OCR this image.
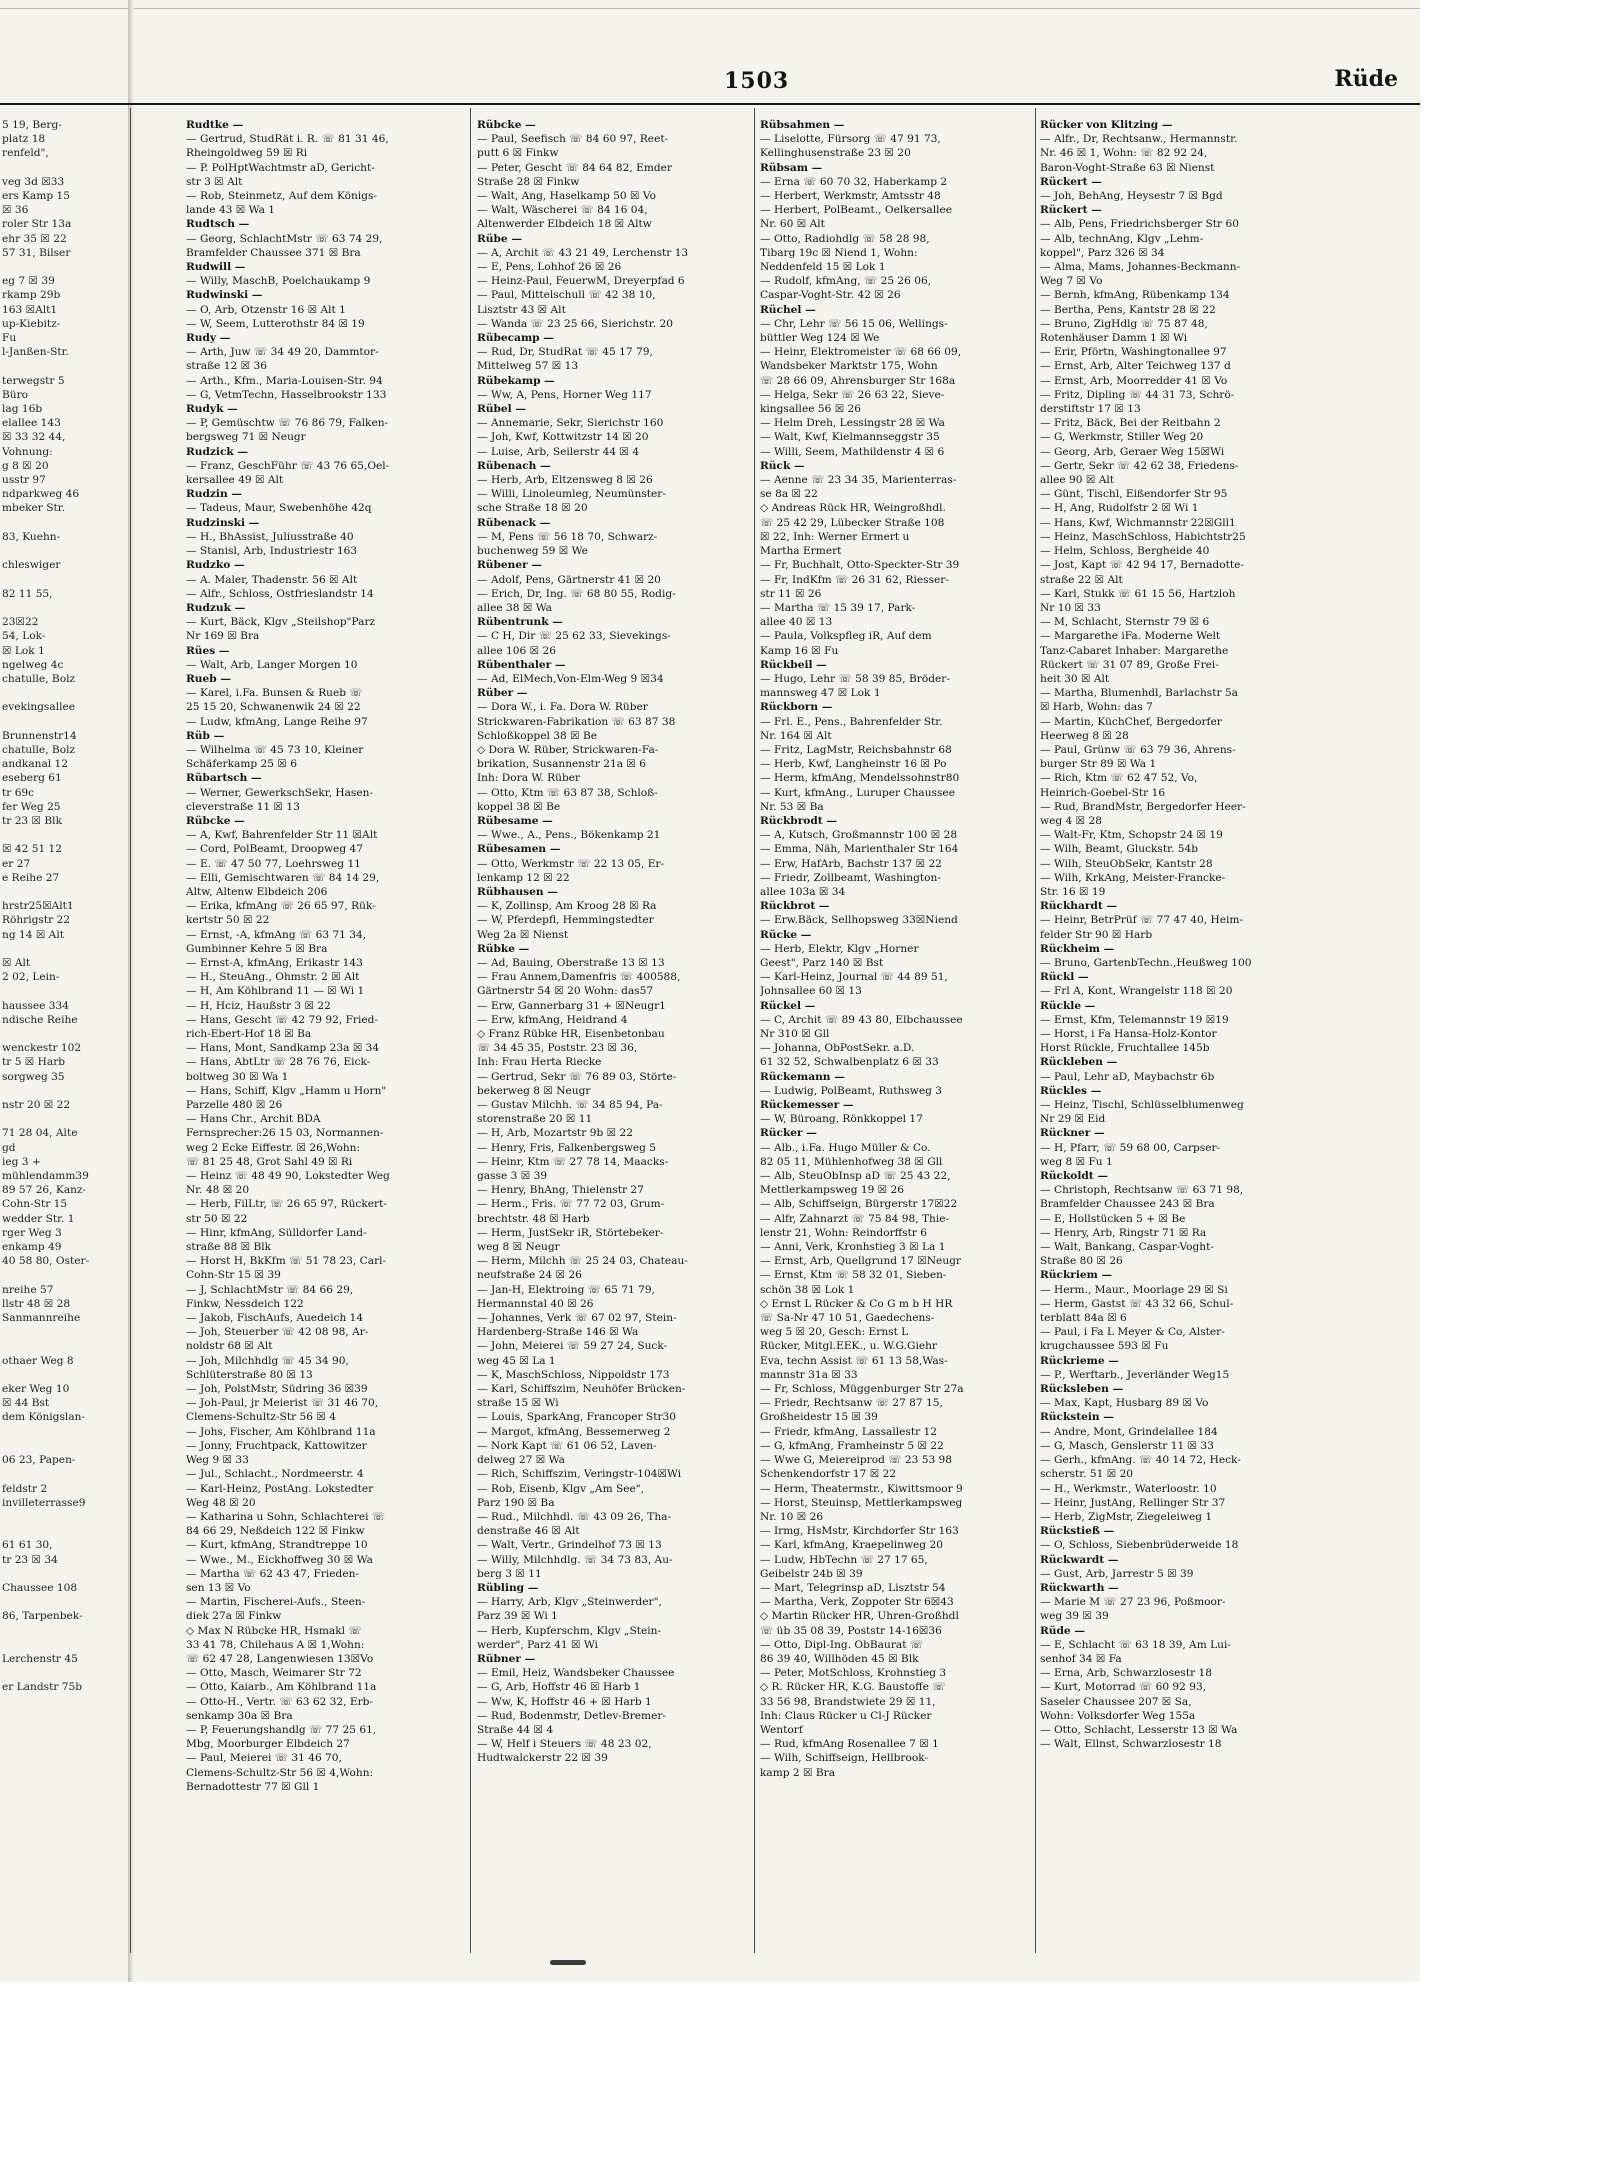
1503	Rüde
5 19, Berg-
platz 18
renfeld",

veg 3d ☒33
ers Kamp 15
☒ 36
roler Str 13a
ehr 35 ☒ 22
57 31, Bilser

eg 7 ☒ 39
rkamp 29b
163 ☒Alt1
up-Kiebitz-
Fu
l-Janßen-Str.

terwegstr 5
Büro
lag 16b
elallee 143
☒ 33 32 44,
Vohnung:
g 8 ☒ 20
usstr 97
ndparkweg 46
mbeker Str.

83, Kuehn-

chleswiger

82 11 55,

23☒22
54, Lok-
☒ Lok 1
ngelweg 4c
chatulle, Bolz

evekingsallee

Brunnenstr14
chatulle, Bolz
andkanal 12
eseberg 61
tr 69c
fer Weg 25
tr 23 ☒ Blk

☒ 42 51 12
er 27
e Reihe 27

hrstr25☒Alt1
Röhrigstr 22
ng 14 ☒ Alt

☒ Alt
2 02, Lein-

haussee 334
ndische Reihe

wenckestr 102
tr 5 ☒ Harb
sorgweg 35

nstr 20 ☒ 22

71 28 04, Alte
gd
ieg 3 +
mühlendamm39
89 57 26, Kanz-
Cohn-Str 15
wedder Str. 1
rger Weg 3
enkamp 49
40 58 80, Oster-

nreihe 57
llstr 48 ☒ 28
Sanmannreihe

othaer Weg 8

eker Weg 10
☒ 44 Bst
dem Königslan-

06 23, Papen-

feldstr 2
invilleterrasse9

61 61 30,
tr 23 ☒ 34

Chaussee 108

86, Tarpenbek-

Lerchenstr 45

er Landstr 75b
Rudtke —
— Gertrud, StudRät i. R. ☏ 81 31 46,
Rheingoldweg 59 ☒ Ri
— P. PolHptWachtmstr aD, Gericht-
str 3 ☒ Alt
— Rob, Steinmetz, Auf dem Königs-
lande 43 ☒ Wa 1
Rudtsch —
— Georg, SchlachtMstr ☏ 63 74 29,
Bramfelder Chaussee 371 ☒ Bra
Rudwill —
— Willy, MaschB, Poelchaukamp 9
Rudwinski —
— O, Arb, Otzenstr 16 ☒ Alt 1
— W, Seem, Lutterothstr 84 ☒ 19
Rudy —
— Arth, Juw ☏ 34 49 20, Dammtor-
straße 12 ☒ 36
— Arth., Kfm., Maria-Louisen-Str. 94
— G, VetmTechn, Hasselbrookstr 133
Rudyk —
— P, Gemüschtw ☏ 76 86 79, Falken-
bergsweg 71 ☒ Neugr
Rudzick —
— Franz, GeschFühr ☏ 43 76 65,Oel-
kersallee 49 ☒ Alt
Rudzin —
— Tadeus, Maur, Swebenhöhe 42q
Rudzinski —
— H., BhAssist, Juliusstraße 40
— Stanisl, Arb, Industriestr 163
Rudzko —
— A. Maler, Thadenstr. 56 ☒ Alt
— Alfr., Schloss, Ostfrieslandstr 14
Rudzuk —
— Kurt, Bäck, Klgv „Steilshop"Parz
Nr 169 ☒ Bra
Rües —
— Walt, Arb, Langer Morgen 10
Rueb —
— Karel, i.Fa. Bunsen & Rueb ☏
25 15 20, Schwanenwik 24 ☒ 22
— Ludw, kfmAng, Lange Reihe 97
Rüb —
— Wilhelma ☏ 45 73 10, Kleiner
Schäferkamp 25 ☒ 6
Rübartsch —
— Werner, GewerkschSekr, Hasen-
cleverstraße 11 ☒ 13
Rübcke —
— A, Kwf, Bahrenfelder Str 11 ☒Alt
— Cord, PolBeamt, Droopweg 47
— E. ☏ 47 50 77, Loehrsweg 11
— Elli, Gemischtwaren ☏ 84 14 29,
Altw, Altenw Elbdeich 206
— Erika, kfmAng ☏ 26 65 97, Rük-
kertstr 50 ☒ 22
— Ernst, -A, kfmAng ☏ 63 71 34,
Gumbinner Kehre 5 ☒ Bra
— Ernst-A, kfmAng, Erikastr 143
— H., SteuAng., Ohmstr. 2 ☒ Alt
— H, Am Köhlbrand 11 — ☒ Wi 1
— H, Hciz, Haußstr 3 ☒ 22
— Hans, Gescht ☏ 42 79 92, Fried-
rich-Ebert-Hof 18 ☒ Ba
— Hans, Mont, Sandkamp 23a ☒ 34
— Hans, AbtLtr ☏ 28 76 76, Eick-
boltweg 30 ☒ Wa 1
— Hans, Schiff, Klgv „Hamm u Horn"
Parzelle 480 ☒ 26
— Hans Chr., Archit BDA
Fernsprecher:26 15 03, Normannen-
weg 2 Ecke Eiffestr. ☒ 26,Wohn:
☏ 81 25 48, Grot Sahl 49 ☒ Ri
— Heinz ☏ 48 49 90, Lokstedter Weg
Nr. 48 ☒ 20
— Herb, FilLtr, ☏ 26 65 97, Rückert-
str 50 ☒ 22
— Hinr, kfmAng, Sülldorfer Land-
straße 88 ☒ Blk
— Horst H, BkKfm ☏ 51 78 23, Carl-
Cohn-Str 15 ☒ 39
— J, SchlachtMstr ☏ 84 66 29,
Finkw, Nessdeich 122
— Jakob, FischAufs, Auedeich 14
— Joh, Steuerber ☏ 42 08 98, Ar-
noldstr 68 ☒ Alt
— Joh, Milchhdlg ☏ 45 34 90,
Schlüterstraße 80 ☒ 13
— Joh, PolstMstr, Südring 36 ☒39
— Joh-Paul, jr Meierist ☏ 31 46 70,
Clemens-Schultz-Str 56 ☒ 4
— Johs, Fischer, Am Köhlbrand 11a
— Jonny, Fruchtpack, Kattowitzer
Weg 9 ☒ 33
— Jul., Schlacht., Nordmeerstr. 4
— Karl-Heinz, PostAng. Lokstedter
Weg 48 ☒ 20
— Katharina u Sohn, Schlachterei ☏
84 66 29, Neßdeich 122 ☒ Finkw
— Kurt, kfmAng, Strandtreppe 10
— Wwe., M., Eickhoffweg 30 ☒ Wa
— Martha ☏ 62 43 47, Frieden-
sen 13 ☒ Vo
— Martin, Fischerei-Aufs., Steen-
diek 27a ☒ Finkw
◇ Max N Rübcke HR, Hsmakl ☏
33 41 78, Chilehaus A ☒ 1,Wohn:
☏ 62 47 28, Langenwiesen 13☒Vo
— Otto, Masch, Weimarer Str 72
— Otto, Kaiarb., Am Köhlbrand 11a
— Otto-H., Vertr. ☏ 63 62 32, Erb-
senkamp 30a ☒ Bra
— P, Feuerungshandlg ☏ 77 25 61,
Mbg, Moorburger Elbdeich 27
— Paul, Meierei ☏ 31 46 70,
Clemens-Schultz-Str 56 ☒ 4,Wohn:
Bernadottestr 77 ☒ Gll 1
Rübcke —
— Paul, Seefisch ☏ 84 60 97, Reet-
putt 6 ☒ Finkw
— Peter, Gescht ☏ 84 64 82, Emder
Straße 28 ☒ Finkw
— Walt, Ang, Haselkamp 50 ☒ Vo
— Walt, Wäscherei ☏ 84 16 04,
Altenwerder Elbdeich 18 ☒ Altw
Rübe —
— A, Archit ☏ 43 21 49, Lerchenstr 13
— E, Pens, Lohhof 26 ☒ 26
— Heinz-Paul, FeuerwM, Dreyerpfad 6
— Paul, Mittelschull ☏ 42 38 10,
Lisztstr 43 ☒ Alt
— Wanda ☏ 23 25 66, Sierichstr. 20
Rübecamp —
— Rud, Dr, StudRat ☏ 45 17 79,
Mittelweg 57 ☒ 13
Rübekamp —
— Ww, A, Pens, Horner Weg 117
Rübel —
— Annemarie, Sekr, Sierichstr 160
— Joh, Kwf, Kottwitzstr 14 ☒ 20
— Luise, Arb, Seilerstr 44 ☒ 4
Rübenach —
— Herb, Arb, Eltzensweg 8 ☒ 26
— Willi, Linoleumleg, Neumünster-
sche Straße 18 ☒ 20
Rübenack —
— M, Pens ☏ 56 18 70, Schwarz-
buchenweg 59 ☒ We
Rübener —
— Adolf, Pens, Gärtnerstr 41 ☒ 20
— Erich, Dr, Ing. ☏ 68 80 55, Rodig-
allee 38 ☒ Wa
Rübentrunk —
— C H, Dir ☏ 25 62 33, Sievekings-
allee 106 ☒ 26
Rübenthaler —
— Ad, ElMech,Von-Elm-Weg 9 ☒34
Rüber —
— Dora W., i. Fa. Dora W. Rüber
Strickwaren-Fabrikation ☏ 63 87 38
Schloßkoppel 38 ☒ Be
◇ Dora W. Rüber, Strickwaren-Fa-
brikation, Susannenstr 21a ☒ 6
Inh: Dora W. Rüber
— Otto, Ktm ☏ 63 87 38, Schloß-
koppel 38 ☒ Be
Rübesame —
— Wwe., A., Pens., Bökenkamp 21
Rübesamen —
— Otto, Werkmstr ☏ 22 13 05, Er-
lenkamp 12 ☒ 22
Rübhausen —
— K, Zollinsp, Am Kroog 28 ☒ Ra
— W, Pferdepfl, Hemmingstedter
Weg 2a ☒ Nienst
Rübke —
— Ad, Bauing, Oberstraße 13 ☒ 13
— Frau Annem,Damenfris ☏ 400588,
Gärtnerstr 54 ☒ 20 Wohn: das57
— Erw, Gannerbarg 31 + ☒Neugr1
— Erw, kfmAng, Heidrand 4
◇ Franz Rübke HR, Eisenbetonbau
☏ 34 45 35, Poststr. 23 ☒ 36,
Inh: Frau Herta Riecke
— Gertrud, Sekr ☏ 76 89 03, Störte-
bekerweg 8 ☒ Neugr
— Gustav Milchh. ☏ 34 85 94, Pa-
storenstraße 20 ☒ 11
— H, Arb, Mozartstr 9b ☒ 22
— Henry, Fris, Falkenbergsweg 5
— Heinr, Ktm ☏ 27 78 14, Maacks-
gasse 3 ☒ 39
— Henry, BhAng, Thielenstr 27
— Herm., Fris. ☏ 77 72 03, Grum-
brechtstr. 48 ☒ Harb
— Herm, JustSekr iR, Störtebeker-
weg 8 ☒ Neugr
— Herm, Milchh ☏ 25 24 03, Chateau-
neufstraße 24 ☒ 26
— Jan-H, Elektroing ☏ 65 71 79,
Hermannstal 40 ☒ 26
— Johannes, Verk ☏ 67 02 97, Stein-
Hardenberg-Straße 146 ☒ Wa
— John, Meierei ☏ 59 27 24, Suck-
weg 45 ☒ La 1
— K, MaschSchloss, Nippoldstr 173
— Karl, Schiffszim, Neuhöfer Brücken-
straße 15 ☒ Wi
— Louis, SparkAng, Francoper Str30
— Margot, kfmAng, Bessemerweg 2
— Nork Kapt ☏ 61 06 52, Laven-
delweg 27 ☒ Wa
— Rich, Schiffszim, Veringstr-104☒Wi
— Rob, Eisenb, Klgv „Am See",
Parz 190 ☒ Ba
— Rud., Milchhdl. ☏ 43 09 26, Tha-
denstraße 46 ☒ Alt
— Walt, Vertr., Grindelhof 73 ☒ 13
— Willy, Milchhdlg. ☏ 34 73 83, Au-
berg 3 ☒ 11
Rübling —
— Harry, Arb, Klgv „Steinwerder",
Parz 39 ☒ Wi 1
— Herb, Kupferschm, Klgv „Stein-
werder", Parz 41 ☒ Wi
Rübner —
— Emil, Heiz, Wandsbeker Chaussee
— G, Arb, Hoffstr 46 ☒ Harb 1
— Ww, K, Hoffstr 46 + ☒ Harb 1
— Rud, Bodenmstr, Detlev-Bremer-
Straße 44 ☒ 4
— W, Helf i Steuers ☏ 48 23 02,
Hudtwalckerstr 22 ☒ 39
Rübsahmen —
— Liselotte, Fürsorg ☏ 47 91 73,
Kellinghusenstraße 23 ☒ 20
Rübsam —
— Erna ☏ 60 70 32, Haberkamp 2
— Herbert, Werkmstr, Amtsstr 48
— Herbert, PolBeamt., Oelkersallee
Nr. 60 ☒ Alt
— Otto, Radiohdlg ☏ 58 28 98,
Tibarg 19c ☒ Niend 1, Wohn:
Neddenfeld 15 ☒ Lok 1
— Rudolf, kfmAng, ☏ 25 26 06,
Caspar-Voght-Str. 42 ☒ 26
Rüchel —
— Chr, Lehr ☏ 56 15 06, Wellings-
büttler Weg 124 ☒ We
— Heinr, Elektromeister ☏ 68 66 09,
Wandsbeker Marktstr 175, Wohn
☏ 28 66 09, Ahrensburger Str 168a
— Helga, Sekr ☏ 26 63 22, Sieve-
kingsallee 56 ☒ 26
— Helm Dreh, Lessingstr 28 ☒ Wa
— Walt, Kwf, Kielmannseggstr 35
— Willi, Seem, Mathildenstr 4 ☒ 6
Rück —
— Aenne ☏ 23 34 35, Marienterras-
se 8a ☒ 22
◇ Andreas Rück HR, Weingroßhdl.
☏ 25 42 29, Lübecker Straße 108
☒ 22, Inh: Werner Ermert u
Martha Ermert
— Fr, Buchhalt, Otto-Speckter-Str 39
— Fr, IndKfm ☏ 26 31 62, Riesser-
str 11 ☒ 26
— Martha ☏ 15 39 17, Park-
allee 40 ☒ 13
— Paula, Volkspfleg iR, Auf dem
Kamp 16 ☒ Fu
Rückbeil —
— Hugo, Lehr ☏ 58 39 85, Bröder-
mannsweg 47 ☒ Lok 1
Rückborn —
— Frl. E., Pens., Bahrenfelder Str.
Nr. 164 ☒ Alt
— Fritz, LagMstr, Reichsbahnstr 68
— Herb, Kwf, Langheinstr 16 ☒ Po
— Herm, kfmAng, Mendelssohnstr80
— Kurt, kfmAng., Luruper Chaussee
Nr. 53 ☒ Ba
Rückbrodt —
— A, Kutsch, Großmannstr 100 ☒ 28
— Emma, Näh, Marienthaler Str 164
— Erw, HafArb, Bachstr 137 ☒ 22
— Friedr, Zollbeamt, Washington-
allee 103a ☒ 34
Rückbrot —
— Erw.Bäck, Sellhopsweg 33☒Niend
Rücke —
— Herb, Elektr, Klgv „Horner
Geest", Parz 140 ☒ Bst
— Karl-Heinz, Journal ☏ 44 89 51,
Johnsallee 60 ☒ 13
Rückel —
— C, Archit ☏ 89 43 80, Elbchaussee
Nr 310 ☒ Gll
— Johanna, ObPostSekr. a.D.
61 32 52, Schwalbenplatz 6 ☒ 33
Rückemann —
— Ludwig, PolBeamt, Ruthsweg 3
Rückemesser —
— W, Büroang, Rönkkoppel 17
Rücker —
— Alb., i.Fa. Hugo Müller & Co.
82 05 11, Mühlenhofweg 38 ☒ Gll
— Alb, SteuObInsp aD ☏ 25 43 22,
Mettlerkampsweg 19 ☒ 26
— Alb, Schiffseign, Bürgerstr 17☒22
— Alfr, Zahnarzt ☏ 75 84 98, Thie-
lenstr 21, Wohn: Reindorffstr 6
— Anni, Verk, Kronhstieg 3 ☒ La 1
— Ernst, Arb, Quellgrund 17 ☒Neugr
— Ernst, Ktm ☏ 58 32 01, Sieben-
schön 38 ☒ Lok 1
◇ Ernst L Rücker & Co G m b H HR
☏ Sa-Nr 47 10 51, Gaedechens-
weg 5 ☒ 20, Gesch: Ernst L
Rücker, Mitgl.EEK., u. W.G.Giehr
Eva, techn Assist ☏ 61 13 58,Was-
mannstr 31a ☒ 33
— Fr, Schloss, Müggenburger Str 27a
— Friedr, Rechtsanw ☏ 27 87 15,
Großheidestr 15 ☒ 39
— Friedr, kfmAng, Lassallestr 12
— G, kfmAng, Framheinstr 5 ☒ 22
— Wwe G, Meiereiprod ☏ 23 53 98
Schenkendorfstr 17 ☒ 22
— Herm, Theatermstr., Kiwittsmoor 9
— Horst, Steuinsp, Mettlerkampsweg
Nr. 10 ☒ 26
— Irmg, HsMstr, Kirchdorfer Str 163
— Karl, kfmAng, Kraepelinweg 20
— Ludw, HbTechn ☏ 27 17 65,
Geibelstr 24b ☒ 39
— Mart, Telegrinsp aD, Lisztstr 54
— Martha, Verk, Zoppoter Str 6☒43
◇ Martin Rücker HR, Uhren-Großhdl
☏ üb 35 08 39, Poststr 14-16☒36
— Otto, Dipl-Ing. ObBaurat ☏
86 39 40, Willhöden 45 ☒ Blk
— Peter, MotSchloss, Krohnstieg 3
◇ R. Rücker HR, K.G. Baustoffe ☏
33 56 98, Brandstwiete 29 ☒ 11,
Inh: Claus Rücker u Cl-J Rücker
Wentorf
— Rud, kfmAng Rosenallee 7 ☒ 1
— Wilh, Schiffseign, Hellbrook-
kamp 2 ☒ Bra
Rücker von Klitzing —
— Alfr., Dr, Rechtsanw., Hermannstr.
Nr. 46 ☒ 1, Wohn: ☏ 82 92 24,
Baron-Voght-Straße 63 ☒ Nienst
Rückert —
— Joh, BehAng, Heysestr 7 ☒ Bgd
Rückert —
— Alb, Pens, Friedrichsberger Str 60
— Alb, technAng, Klgv „Lehm-
koppel", Parz 326 ☒ 34
— Alma, Mams, Johannes-Beckmann-
Weg 7 ☒ Vo
— Bernh, kfmAng, Rübenkamp 134
— Bertha, Pens, Kantstr 28 ☒ 22
— Bruno, ZigHdlg ☏ 75 87 48,
Rotenhäuser Damm 1 ☒ Wi
— Erir, Pförtn, Washingtonallee 97
— Ernst, Arb, Alter Teichweg 137 d
— Ernst, Arb, Moorredder 41 ☒ Vo
— Fritz, Dipling ☏ 44 31 73, Schrö-
derstiftstr 17 ☒ 13
— Fritz, Bäck, Bei der Reitbahn 2
— G, Werkmstr, Stiller Weg 20
— Georg, Arb, Geraer Weg 15☒Wi
— Gertr, Sekr ☏ 42 62 38, Friedens-
allee 90 ☒ Alt
— Günt, Tischl, Eißendorfer Str 95
— H, Ang, Rudolfstr 2 ☒ Wi 1
— Hans, Kwf, Wichmannstr 22☒Gll1
— Heinz, MaschSchloss, Habichtstr25
— Helm, Schloss, Bergheide 40
— Jost, Kapt ☏ 42 94 17, Bernadotte-
straße 22 ☒ Alt
— Karl, Stukk ☏ 61 15 56, Hartzloh
Nr 10 ☒ 33
— M, Schlacht, Sternstr 79 ☒ 6
— Margarethe iFa. Moderne Welt
Tanz-Cabaret Inhaber: Margarethe
Rückert ☏ 31 07 89, Große Frei-
heit 30 ☒ Alt
— Martha, Blumenhdl, Barlachstr 5a
☒ Harb, Wohn: das 7
— Martin, KüchChef, Bergedorfer
Heerweg 8 ☒ 28
— Paul, Grünw ☏ 63 79 36, Ahrens-
burger Str 89 ☒ Wa 1
— Rich, Ktm ☏ 62 47 52, Vo,
Heinrich-Goebel-Str 16
— Rud, BrandMstr, Bergedorfer Heer-
weg 4 ☒ 28
— Walt-Fr, Ktm, Schopstr 24 ☒ 19
— Wilh, Beamt, Gluckstr. 54b
— Wilh, SteuObSekr, Kantstr 28
— Wilh, KrkAng, Meister-Francke-
Str. 16 ☒ 19
Rückhardt —
— Heinr, BetrPrüf ☏ 77 47 40, Heim-
felder Str 90 ☒ Harb
Rückheim —
— Bruno, GartenbTechn.,Heußweg 100
Rückl —
— Frl A, Kont, Wrangelstr 118 ☒ 20
Rückle —
— Ernst, Kfm, Telemannstr 19 ☒19
— Horst, i Fa Hansa-Holz-Kontor
Horst Rückle, Fruchtallee 145b
Rückleben —
— Paul, Lehr aD, Maybachstr 6b
Rückles —
— Heinz, Tischl, Schlüsselblumenweg
Nr 29 ☒ Eid
Rückner —
— H, Pfarr, ☏ 59 68 00, Carpser-
weg 8 ☒ Fu 1
Rückoldt —
— Christoph, Rechtsanw ☏ 63 71 98,
Bramfelder Chaussee 243 ☒ Bra
— E, Hollstücken 5 + ☒ Be
— Henry, Arb, Ringstr 71 ☒ Ra
— Walt, Bankang, Caspar-Voght-
Straße 80 ☒ 26
Rückriem —
— Herm., Maur., Moorlage 29 ☒ Si
— Herm, Gastst ☏ 43 32 66, Schul-
terblatt 84a ☒ 6
— Paul, i Fa L Meyer & Co, Alster-
krugchaussee 593 ☒ Fu
Rückrieme —
— P., Werftarb., Jeverländer Weg15
Rücksleben —
— Max, Kapt, Husbarg 89 ☒ Vo
Rückstein —
— Andre, Mont, Grindelallee 184
— G, Masch, Genslerstr 11 ☒ 33
— Gerh., kfmAng. ☏ 40 14 72, Heck-
scherstr. 51 ☒ 20
— H., Werkmstr., Waterloostr. 10
— Heinr, JustAng, Rellinger Str 37
— Herb, ZigMstr, Ziegeleiweg 1
Rückstieß —
— O, Schloss, Siebenbrüderweide 18
Rückwardt —
— Gust, Arb, Jarrestr 5 ☒ 39
Rückwarth —
— Marie M ☏ 27 23 96, Poßmoor-
weg 39 ☒ 39
Rüde —
— E, Schlacht ☏ 63 18 39, Am Lui-
senhof 34 ☒ Fa
— Erna, Arb, Schwarzlosestr 18
— Kurt, Motorrad ☏ 60 92 93,
Saseler Chaussee 207 ☒ Sa,
Wohn: Volksdorfer Weg 155a
— Otto, Schlacht, Lesserstr 13 ☒ Wa
— Walt, Ellnst, Schwarzlosestr 18
